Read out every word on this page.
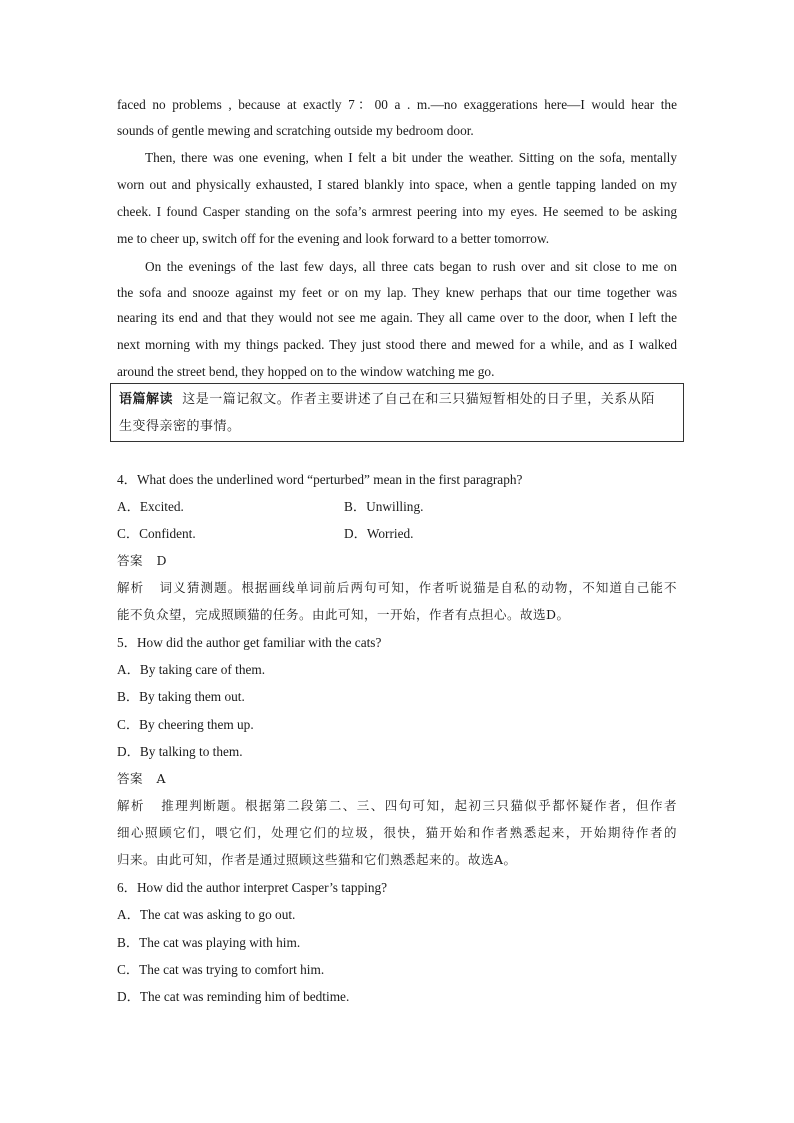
faced no problems , because at exactly 7：00 a . m.—no exaggerations here—I would hear the
sounds of gentle mewing and scratching outside my bedroom door.
Then, there was one evening, when I felt a bit under the weather. Sitting on the sofa, mentally
worn out and physically exhausted, I stared blankly into space, when a gentle tapping landed on my
cheek. I found Casper standing on the sofa’s armrest peering into my eyes. He seemed to be asking
me to cheer up, switch off for the evening and look forward to a better tomorrow.
On the evenings of the last few days, all three cats began to rush over and sit close to me on
the sofa and snooze against my feet or on my lap. They knew perhaps that our time together was
nearing its end and that they would not see me again. They all came over to the door, when I left the
next morning with my things packed. They just stood there and mewed for a while, and as I walked
around the street bend, they hopped on to the window watching me go.
语篇解读 这是一篇记叙文。作者主要讲述了自己在和三只猫短暂相处的日子里，关系从陌
生变得亲密的事情。
4．What does the underlined word “perturbed” mean in the first paragraph?
A．Excited.	B．Unwilling.
C．Confident.	D．Worried.
答案 D
解析 词义猜测题。根据画线单词前后两句可知，作者听说猫是自私的动物，不知道自己能不
能不负众望，完成照顾猫的任务。由此可知，一开始，作者有点担心。故选D。
5．How did the author get familiar with the cats?
A．By taking care of them.
B．By taking them out.
C．By cheering them up.
D．By talking to them.
答案 A
解析 推理判断题。根据第二段第二、三、四句可知，起初三只猫似乎都怀疑作者，但作者
细心照顾它们，喂它们，处理它们的垃圾，很快，猫开始和作者熟悉起来，开始期待作者的
归来。由此可知，作者是通过照顾这些猫和它们熟悉起来的。故选A。
6．How did the author interpret Casper’s tapping?
A．The cat was asking to go out.
B．The cat was playing with him.
C．The cat was trying to comfort him.
D．The cat was reminding him of bedtime.
